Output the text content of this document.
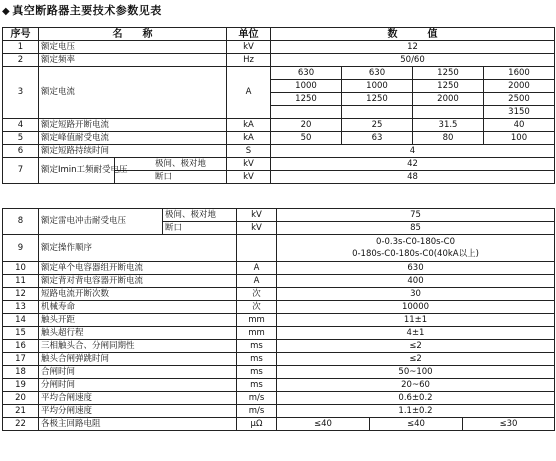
◆ 真空断路器主要技术参数见表
序号	名　　称		单位	数　　　值			
1	额定电压		kV	12			
2	额定频率		Hz	50/60			
3	额定电流		A	630	630	1250	1600
				1000	1000	1250	2000
				1250	1250	2000	2500
							3150
4	额定短路开断电流		kA	20	25	31.5	40
5	额定峰值耐受电流		kA	50	63	80	100
6	额定短路持续时间		S	4			
7	额定Imin工频耐受电压	极间、极对地	kV	42			
		断口	kV	48			
8	额定雷电冲击耐受电压	极间、极对地	kV	75		
		断口	kV	85		
9	额定操作顺序			0-0.3s-C0-180s-C0
0-180s-C0-180s-C0(40kA以上)		

10	额定单个电容器组开断电流		A	630		
11	额定背对背电容器开断电流		A	400		
12	短路电流开断次数		次	30		
13	机械寿命		次	10000		
14	触头开距		mm	11±1		
15	触头超行程		mm	4±1		
16	三相触头合、分闸同期性		ms	≤2		
17	触头合闸弹跳时间		ms	≤2		
18	合闸时间		ms	50~100		
19	分闸时间		ms	20~60		
20	平均合闸速度		m/s	0.6±0.2		
21	平均分闸速度		m/s	1.1±0.2		
22	各极主回路电阻		μΩ	≤40	≤40	≤30
